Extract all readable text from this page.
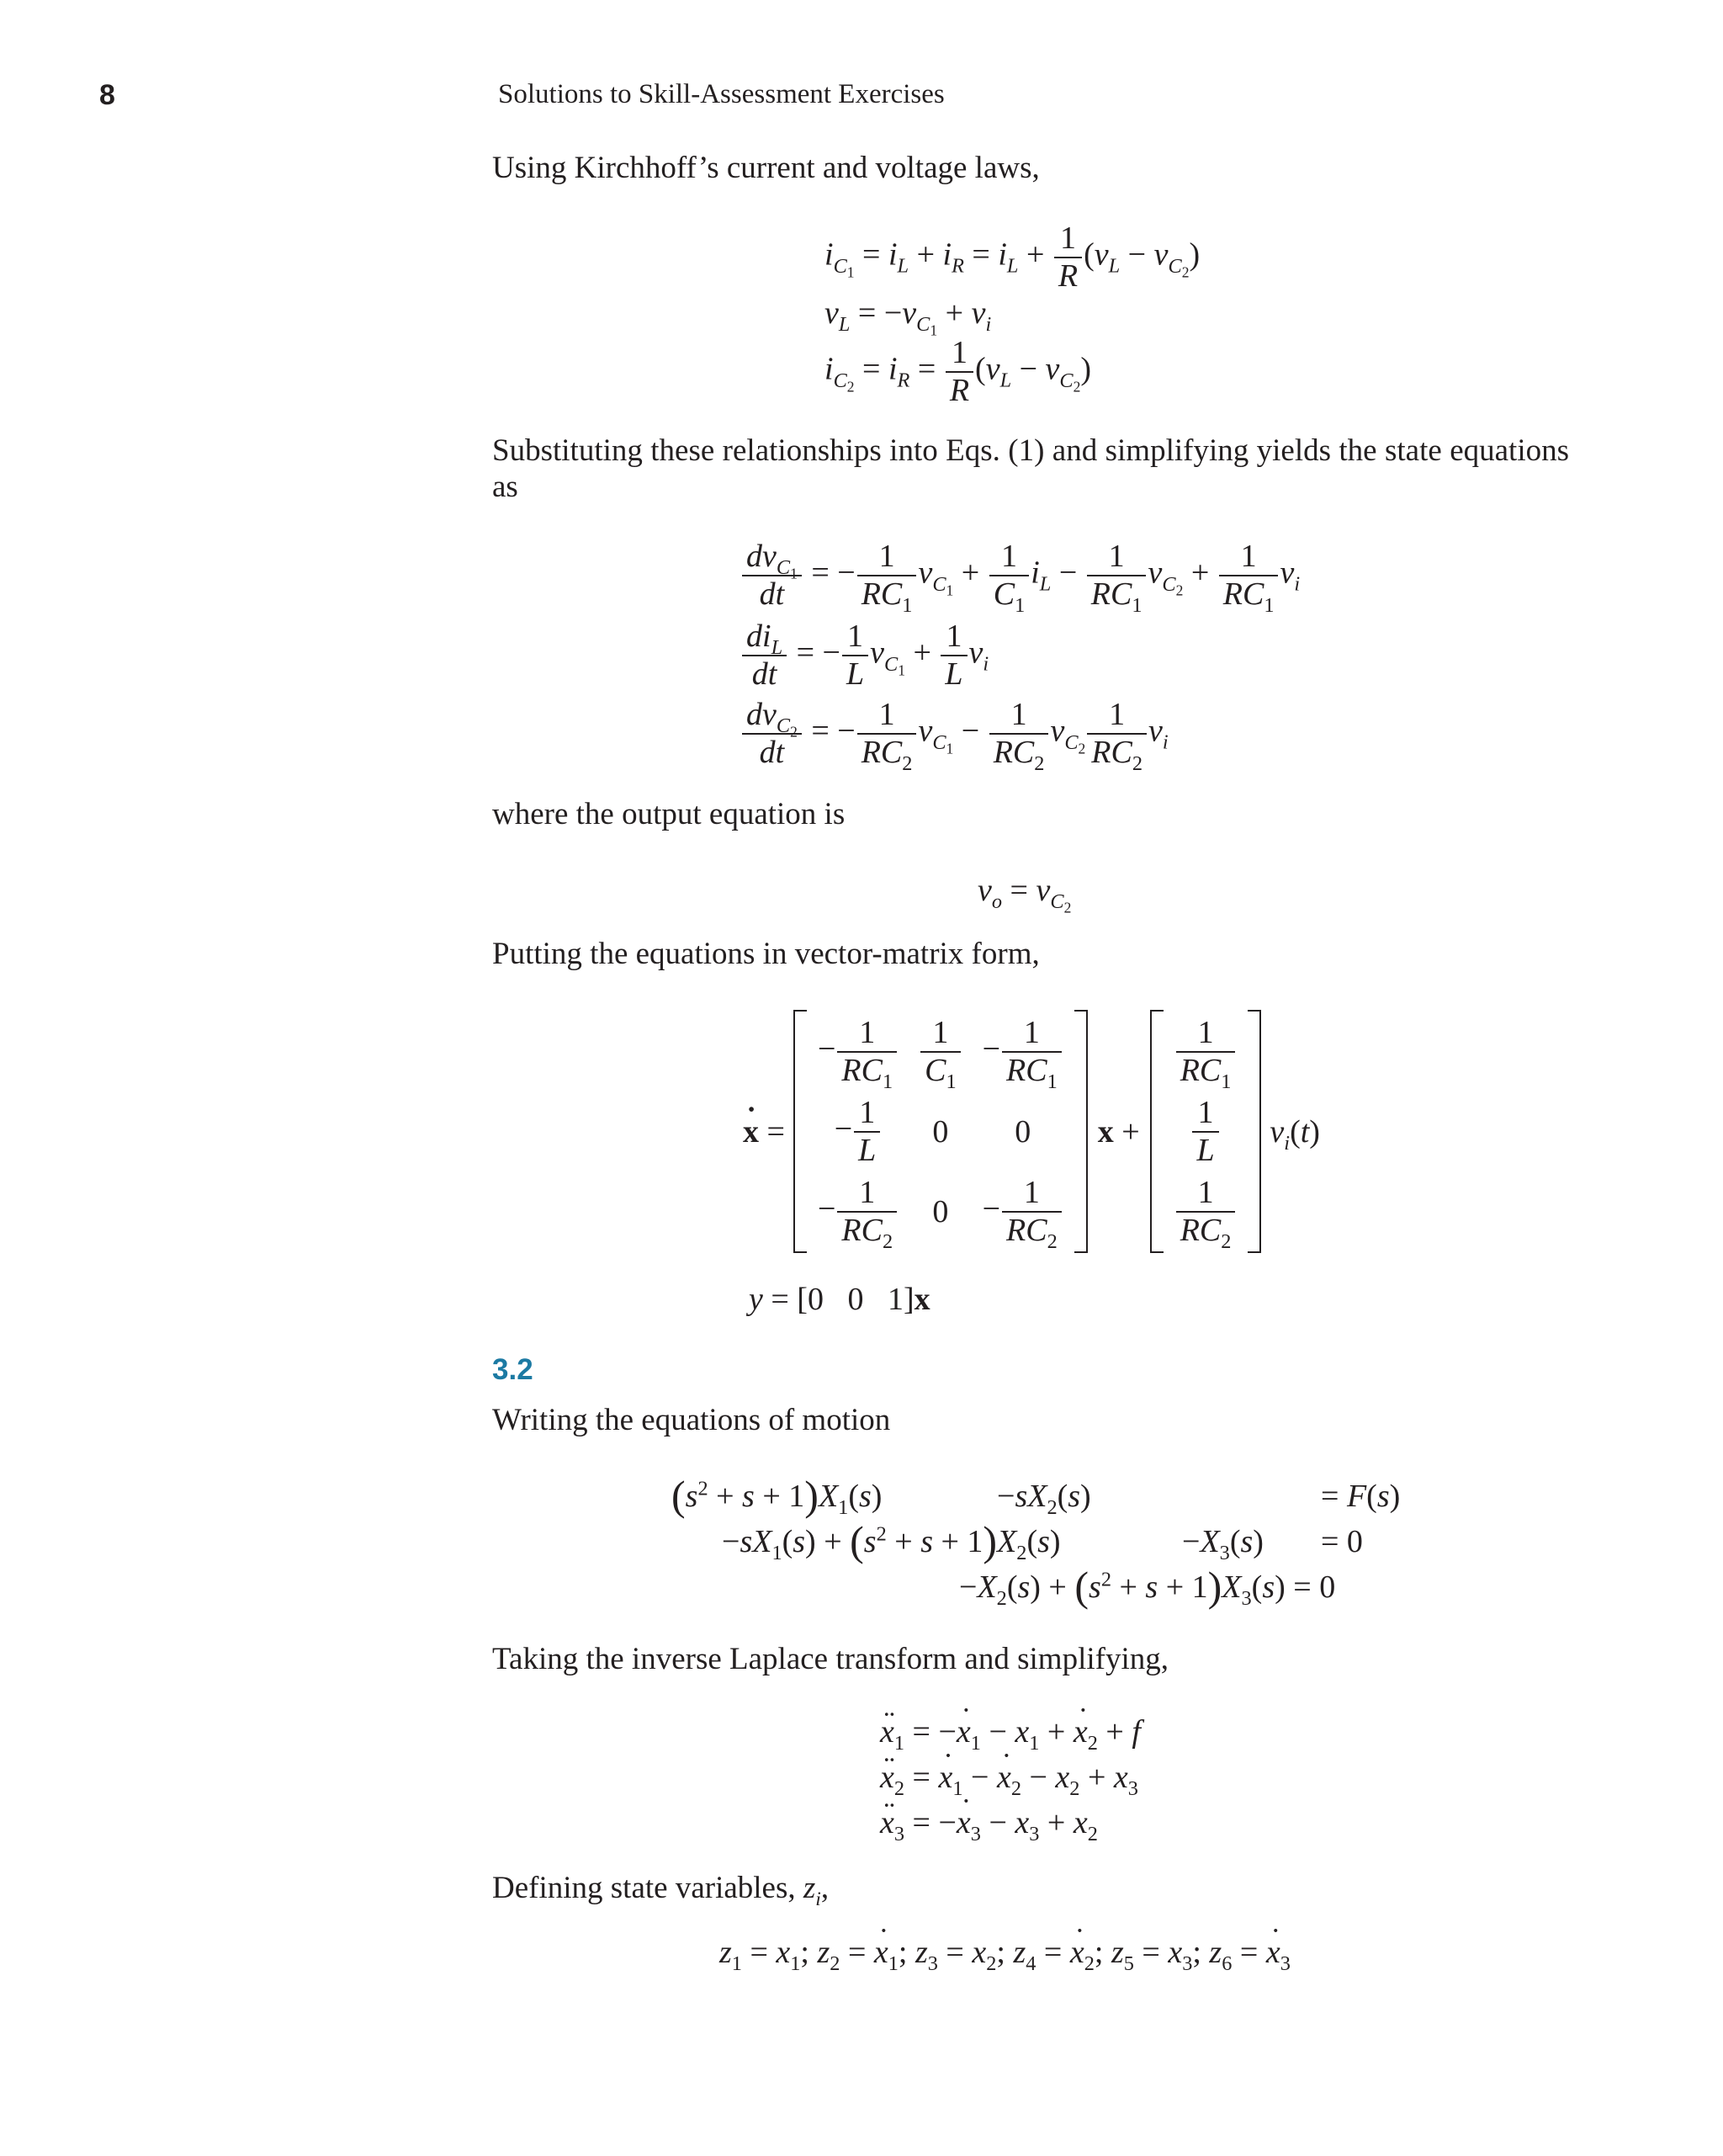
8	Solutions to Skill-Assessment Exercises
Using Kirchhoff’s current and voltage laws,
$i_{C_1} = i_L + i_R = i_L + \frac{1}{R} (v_L - v_{C_2})$
$v_L = -v_{C_1} + v_i$
$i_{C_2} = i_R = \frac{1}{R} (v_L - v_{C_2})$
Substituting these relationships into Eqs. (1) and simplifying yields the state equations as
$\frac{dv_{C_1}}{dt}$ = − $\frac{1}{RC_1} v_{C_1} + \frac{1}{C_1} i_L - \frac{1}{RC_1} v_{C_2} + \frac{1}{RC_1} v_i$
$\frac{di_L}{dt}$ = − $\frac{1}{L} v_{C_1} + \frac{1}{L} v_i$
$\frac{dv_{C_2}}{dt}$ = − $\frac{1}{RC_2} v_{C_1} - \frac{1}{RC_2} v_{C_2} \frac{1}{RC_2} v_i$
where the output equation is
$v_o = v_{C_2}$
Putting the equations in vector-matrix form,
x ˙ =		
− $\frac{1}{RC_1}$	$\frac{1}{C_1}$	− $\frac{1}{RC_1}$

− $\frac{1}{L}$	0	0
− $\frac{1}{RC_2}$	0	− $\frac{1}{RC_2}$
		x +		
$\frac{1}{RC_1}$

$\frac{1}{L}$

$\frac{1}{RC_2}$
		$v_i(t)$
y = [0   0   1]x
3.2
Writing the equations of motion
$(s^2 + s + 1)X_1(s)$	$-sX_2(s)$	= F(s)
$-sX_1(s) + (s^2 + s + 1)X_2(s)$	$-X_3(s) = 0$
$-X_2(s) + (s^2 + s + 1)X_3(s) = 0$
Taking the inverse Laplace transform and simplifying,
x $¨_1 = -x$ $˙_1 - x_1 + x$ $˙_2 + f$
x $¨_2 = x$ $˙_1 - x$ $˙_2 - x_2 + x_3$
x $¨_3 = -x$ $˙_3 - x_3 + x_2$
Defining state variables, $z_i$,
$z_1 = x_1$; $z_2 = x$ $˙_1$; $z_3 = x_2$; $z_4 = x$ $˙_2$; $z_5 = x_3$; $z_6 = x$ $˙_3$
